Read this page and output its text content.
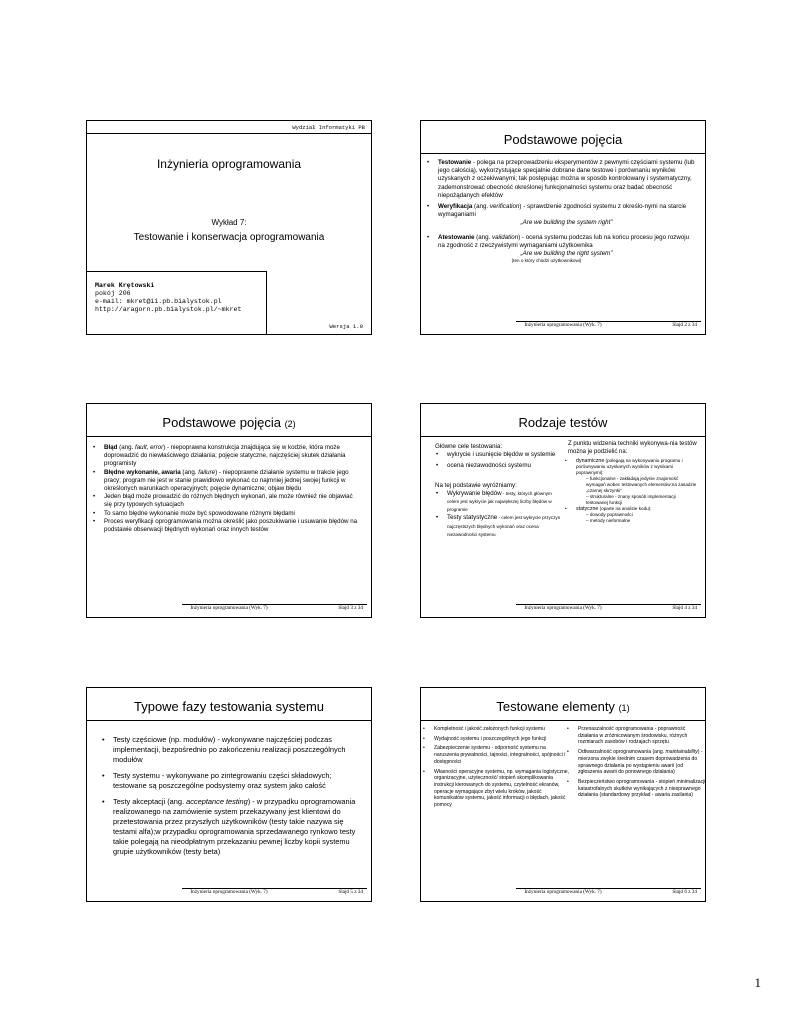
Wydział Informatyki PB
Inżynieria oprogramowania
Wykład 7:
Testowanie i konserwacja oprogramowania
Marek Krętowski
pokój 206
e-mail: mkret@ii.pb.bialystok.pl
http://aragorn.pb.bialystok.pl/~mkret
Wersja 1.0
Podstawowe pojęcia
• Testowanie - polega na przeprowadzeniu eksperymentów z pewnymi częściami systemu (lub jego całością), wykorzystujące specjalnie dobrane dane testowe i porównaniu wyników uzyskanych z oczekiwanymi; tak postępując można w sposób kontrolowany i systematyczny, zademonstrować obecność określonej funkcjonalności systemu oraz badać obecność niepożądanych efektów
• Weryfikacja (ang. verification) - sprawdzenie zgodności systemu z określo-nymi na starcie wymaganiami
„Are we building the system right”
• Atestowanie (ang. validation) - ocena systemu podczas lub na końcu procesu jego rozwoju na zgodność z rzeczywistymi wymaganiami użytkownika
„Are we building the right system”
(ten o który chodzi użytkownikowi)
Inżynieria oprogramowania (Wyk. 7)	Slajd 2 z 34
Podstawowe pojęcia (2)
• Błąd (ang. fault, error) - niepoprawna konstrukcja znajdująca się w kodzie, która może doprowadzić do niewłaściwego działania; pojęcie statyczne, najczęściej skutek działania programisty
• Błędne wykonanie, awaria (ang. failure) - niepoprawne działanie systemu w trakcie jego pracy; program nie jest w stanie prawidłowo wykonać co najmniej jednej swojej funkcji w określonych warunkach operacyjnych; pojęcie dynamiczne; objaw błędu
• Jeden błąd może prowadzić do różnych błędnych wykonań, ale może również nie objawiać się przy typowych sytuacjach
• To samo błędne wykonanie może być spowodowane różnymi błędami
• Proces weryfikacji oprogramowania można określić jako poszukiwanie i usuwanie błędów na podstawie obserwacji błędnych wykonań oraz innych testów
Inżynieria oprogramowania (Wyk. 7)	Slajd 3 z 34
Rodzaje testów
Główne cele testowania:
• wykrycie i usunięcie błędów w systemie
• ocena niezawodności systemu
Na tej podstawie wyróżniamy:
• Wykrywanie błędów - testy, których głównym celem jest wykrycie jak największej liczby błędów w programie
• Testy statystyczne - celem jest wykrycie przyczyn najczęstszych błędnych wykonań oraz ocena niezawodności systemu
Z punktu widzenia techniki wykonywa-nia testów można je podzielić na:
• dynamiczne (polegają na wykonywaniu programu i porównywaniu uzyskanych wyników z wynikami poprawnymi):
– funkcjonalne - zakładają jedynie znajomość wymagań wobec testowanych elementów;na zasadzie „czarnej skrzynki”
– strukturalne - znany sposób implementacji testowanej funkcji
• statyczne (oparte na analizie kodu):
– dowody poprawności
– metody nieformalne
Inżynieria oprogramowania (Wyk. 7)	Slajd 4 z 34
Typowe fazy testowania systemu
• Testy częściowe (np. modułów) - wykonywane najczęściej podczas implementacji, bezpośrednio po zakończeniu realizacji poszczególnych modułów
• Testy systemu - wykonywane po zintegrowaniu części składowych; testowane są poszczególne podsystemy oraz system jako całość
• Testy akceptacji (ang. acceptance testing) - w przypadku oprogramowania realizowanego na zamówienie system przekazywany jest klientowi do przetestowania przez przyszłych użytkowników (testy takie nazywa się testami alfa);w przypadku oprogramowania sprzedawanego rynkowo testy takie polegają na nieodpłatnym przekazaniu pewnej liczby kopii systemu grupie użytkowników (testy beta)
Inżynieria oprogramowania (Wyk. 7)	Slajd 5 z 34
Testowane elementy (1)
• Kompletność i jakość założonych funkcji systemu
• Wydajność systemu i poszczególnych jego funkcji
• Zabezpieczenie systemu - odporność systemu na naruszenia prywatności, tajności, integralności, spójności i dostępności
• Własności operacyjne systemu, np. wymagania logistyczne, organizacyjne, użyteczność/ stopień skomplikowania instrukcji kierowanych do systemu, czytelność ekranów, operacje wymagające zbyt wielu kroków, jakość komunikatów systemu, jakość informacji o błędach, jakość pomocy
• Przenaszalność oprogramowania - poprawność działania w zróżnicowanym środowisku, różnych rozmiarach zasobów i rodzajach sprzętu
• Odtwarzalność oprogramowania (ang. maintainability) - mierzona zwykle średnim czasem doprowadzenia do sprawnego działania po wystąpieniu awarii (od zgłoszenia awarii do ponownego działania)
• Bezpieczeństwo oprogramowania - stopień minimalizacji katastrofalnych skutków wynikających z niesprawnego działania (standardowy przykład - awaria zasilania)
Inżynieria oprogramowania (Wyk. 7)	Slajd 6 z 34
1
